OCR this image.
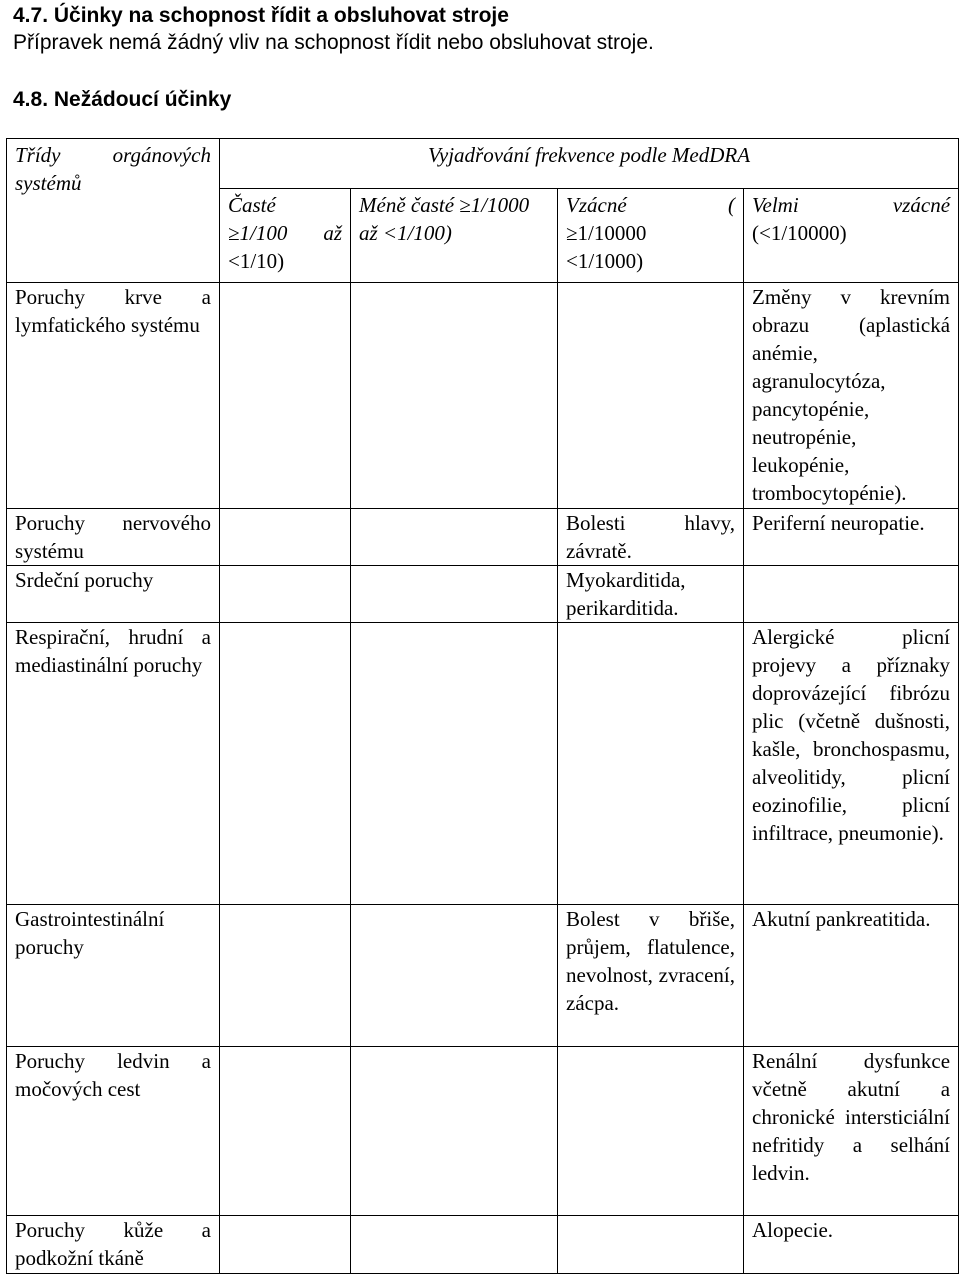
4.7. Účinky na schopnost řídit a obsluhovat stroje
Přípravek nemá žádný vliv na schopnost řídit nebo obsluhovat stroje.
4.8. Nežádoucí účinky
Třídy orgánových
systémů	Vyjadřování frekvence podle MedDRA			

	Časté
≥1/100 až
<1/10)	Méně časté ≥1/1000
až <1/100)	Vzácné (
≥1/10000
<1/1000)	Velmi vzácné
(<1/10000)

Poruchy krve a lymfatického systému				Změny v krevním obrazu (aplastická anémie, agranulocytóza, pancytopénie, neutropénie, leukopénie, trombocytopénie).
Poruchy nervového systému			Bolesti hlavy, závratě.	Periferní neuropatie.
Srdeční poruchy			Myokarditida, perikarditida.	
Respirační, hrudní a mediastinální poruchy				Alergické plicní projevy a příznaky doprovázející fibrózu plic (včetně dušnosti, kašle, bronchospasmu, alveolitidy, plicní eozinofilie, plicní infiltrace, pneumonie).
Gastrointestinální poruchy			Bolest v břiše, průjem, flatulence, nevolnost, zvracení, zácpa.	Akutní pankreatitida.
Poruchy ledvin a močových cest				Renální dysfunkce včetně akutní a chronické intersticiální nefritidy a selhání ledvin.
Poruchy kůže a podkožní tkáně				Alopecie.
